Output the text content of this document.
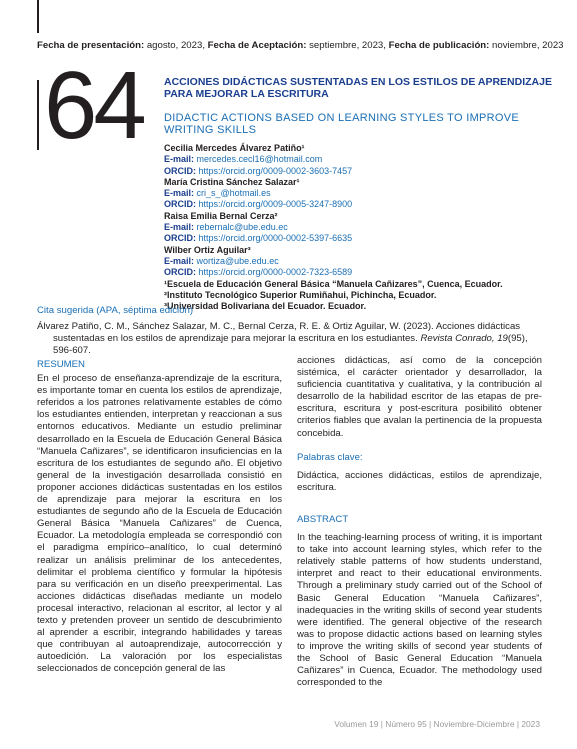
Fecha de presentación: agosto, 2023, Fecha de Aceptación: septiembre, 2023, Fecha de publicación: noviembre, 2023
64 ACCIONES DIDÁCTICAS SUSTENTADAS EN LOS ESTILOS DE APRENDIZAJE PARA MEJORAR LA ESCRITURA
DIDACTIC ACTIONS BASED ON LEARNING STYLES TO IMPROVE WRITING SKILLS
Cecilia Mercedes Álvarez Patiño¹
E-mail: mercedes.cecl16@hotmail.com
ORCID: https://orcid.org/0009-0002-3603-7457
María Cristina Sánchez Salazar¹
E-mail: cri_s_@hotmail.es
ORCID: https://orcid.org/0009-0005-3247-8900
Raisa Emilia Bernal Cerza²
E-mail: rebernalc@ube.edu.ec
ORCID: https://orcid.org/0000-0002-5397-6635
Wilber Ortiz Aguilar³
E-mail: wortiza@ube.edu.ec
ORCID: https://orcid.org/0000-0002-7323-6589
¹Escuela de Educación General Básica “Manuela Cañizares”, Cuenca, Ecuador.
²Instituto Tecnológico Superior Rumiñahui, Pichincha, Ecuador.
³Universidad Bolivariana del Ecuador. Ecuador.
Cita sugerida (APA, séptima edición)
Álvarez Patiño, C. M., Sánchez Salazar, M. C., Bernal Cerza, R. E. & Ortiz Aguilar, W. (2023). Acciones didácticas
sustentadas en los estilos de aprendizaje para mejorar la escritura en los estudiantes. Revista Conrado, 19(95),
596-607.
RESUMEN
En el proceso de enseñanza-aprendizaje de la escritura, es importante tomar en cuenta los estilos de aprendizaje, referidos a los patrones relativamente estables de cómo los estudiantes entienden, interpretan y reaccionan a sus entornos educativos. Mediante un estudio preliminar desarrollado en la Escuela de Educación General Básica “Manuela Cañizares”, se identificaron insuficiencias en la escritura de los estudiantes de segundo año. El objetivo general de la investigación desarrollada consistió en proponer acciones didácticas sustentadas en los estilos de aprendizaje para mejorar la escritura en los estudiantes de segundo año de la Escuela de Educación General Básica “Manuela Cañizares” de Cuenca, Ecuador. La metodología empleada se correspondió con el paradigma empírico–analítico, lo cual determinó realizar un análisis preliminar de los antecedentes, delimitar el problema científico y formular la hipótesis para su verificación en un diseño preexperimental. Las acciones didácticas diseñadas mediante un modelo procesal interactivo, relacionan al escritor, al lector y al texto y pretenden proveer un sentido de descubrimiento al aprender a escribir, integrando habilidades y tareas que contribuyan al autoaprendizaje, autocorrección y autoedición. La valoración por los especialistas seleccionados de concepción general de las
acciones didácticas, así como de la concepción sistémica, el carácter orientador y desarrollador, la suficiencia cuantitativa y cualitativa, y la contribución al desarrollo de la habilidad escritor de las etapas de pre-escritura, escritura y post-escritura posibilitó obtener criterios fiables que avalan la pertinencia de la propuesta concebida.
Palabras clave:
Didáctica, acciones didácticas, estilos de aprendizaje, escritura.
ABSTRACT
In the teaching-learning process of writing, it is important to take into account learning styles, which refer to the relatively stable patterns of how students understand, interpret and react to their educational environments. Through a preliminary study carried out of the School of Basic General Education “Manuela Cañizares”, inadequacies in the writing skills of second year students were identified. The general objective of the research was to propose didactic actions based on learning styles to improve the writing skills of second year students of the School of Basic General Education “Manuela Cañizares” in Cuenca, Ecuador. The methodology used corresponded to the
Volumen 19 | Número 95 | Noviembre-Diciembre | 2023
